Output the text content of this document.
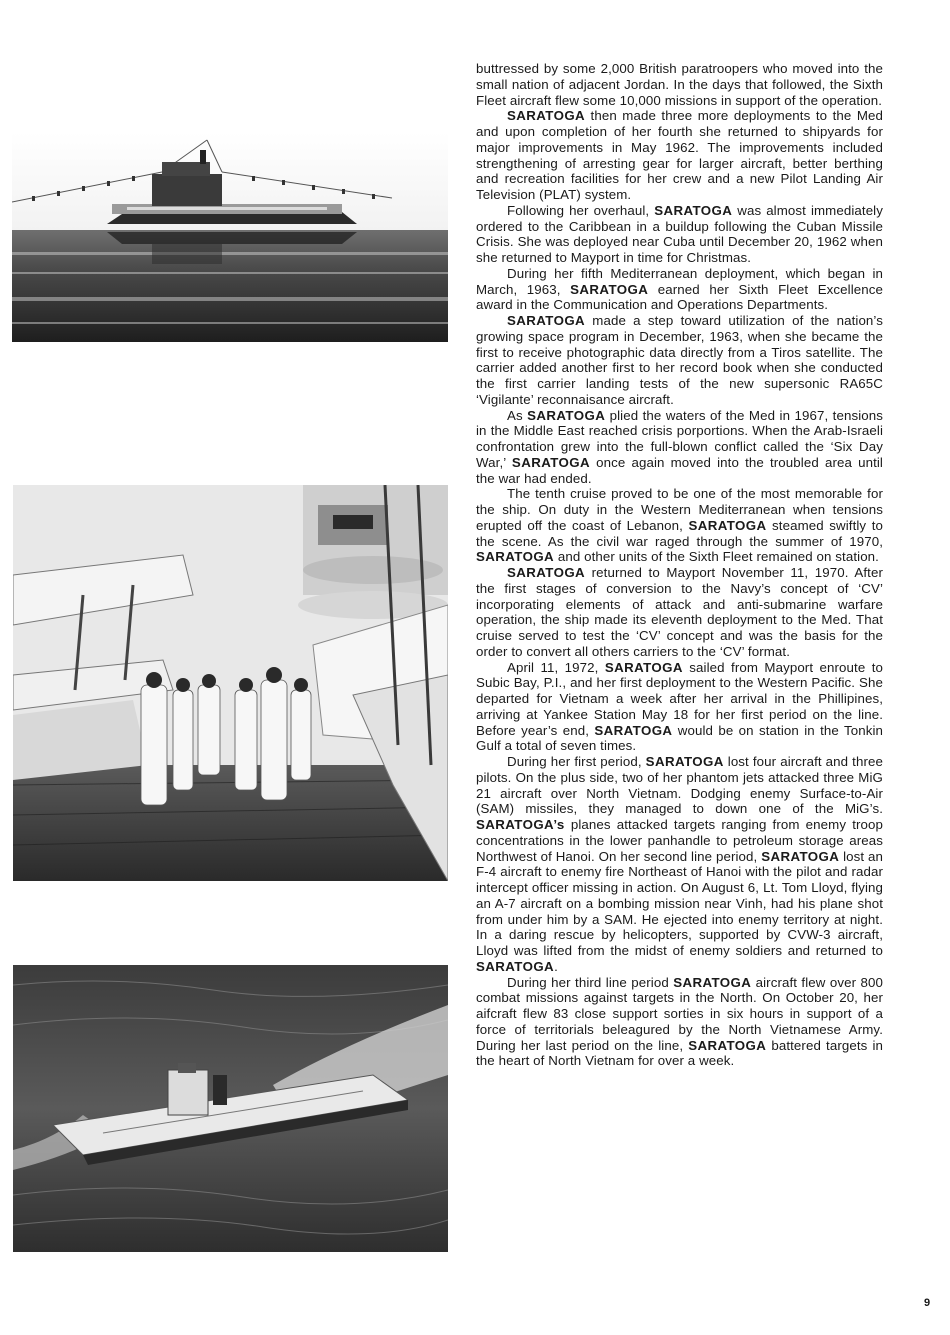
buttressed by some 2,000 British paratroopers who moved into the small nation of adjacent Jordan. In the days that followed, the Sixth Fleet aircraft flew some 10,000 missions in support of the operation.

SARATOGA then made three more deployments to the Med and upon completion of her fourth she returned to shipyards for major improvements in May 1962. The improvements included strengthening of arresting gear for larger aircraft, better berthing and recreation facilities for her crew and a new Pilot Landing Air Television (PLAT) system.

Following her overhaul, SARATOGA was almost immediately ordered to the Caribbean in a buildup following the Cuban Missile Crisis. She was deployed near Cuba until December 20, 1962 when she returned to Mayport in time for Christmas.

During her fifth Mediterranean deployment, which began in March, 1963, SARATOGA earned her Sixth Fleet Excellence award in the Communication and Operations Departments.

SARATOGA made a step toward utilization of the nation’s growing space program in December, 1963, when she became the first to receive photographic data directly from a Tiros satellite. The carrier added another first to her record book when she conducted the first carrier landing tests of the new supersonic RA65C ‘Vigilante’ reconnaisance aircraft.

As SARATOGA plied the waters of the Med in 1967, tensions in the Middle East reached crisis porportions. When the Arab-Israeli confrontation grew into the full-blown conflict called the ‘Six Day War,’ SARATOGA once again moved into the troubled area until the war had ended.

The tenth cruise proved to be one of the most memorable for the ship. On duty in the Western Mediterranean when tensions erupted off the coast of Lebanon, SARATOGA steamed swiftly to the scene. As the civil war raged through the summer of 1970, SARATOGA and other units of the Sixth Fleet remained on station.

SARATOGA returned to Mayport November 11, 1970. After the first stages of conversion to the Navy’s concept of ‘CV’ incorporating elements of attack and anti-submarine warfare operation, the ship made its eleventh deployment to the Med. That cruise served to test the ‘CV’ concept and was the basis for the order to convert all others carriers to the ‘CV’ format.

April 11, 1972, SARATOGA sailed from Mayport enroute to Subic Bay, P.I., and her first deployment to the Western Pacific. She departed for Vietnam a week after her arrival in the Phillipines, arriving at Yankee Station May 18 for her first period on the line. Before year’s end, SARATOGA would be on station in the Tonkin Gulf a total of seven times.

During her first period, SARATOGA lost four aircraft and three pilots. On the plus side, two of her phantom jets attacked three MiG 21 aircraft over North Vietnam. Dodging enemy Surface-to-Air (SAM) missiles, they managed to down one of the MiG’s. SARATOGA’s planes attacked targets ranging from enemy troop concentrations in the lower panhandle to petroleum storage areas Northwest of Hanoi. On her second line period, SARATOGA lost an F-4 aircraft to enemy fire Northeast of Hanoi with the pilot and radar intercept officer missing in action. On August 6, Lt. Tom Lloyd, flying an A-7 aircraft on a bombing mission near Vinh, had his plane shot from under him by a SAM. He ejected into enemy territory at night. In a daring rescue by helicopters, supported by CVW-3 aircraft, Lloyd was lifted from the midst of enemy soldiers and returned to SARATOGA.

During her third line period SARATOGA aircraft flew over 800 combat missions against targets in the North. On October 20, her aifcraft flew 83 close support sorties in six hours in support of a force of territorials beleagured by the North Vietnamese Army. During her last period on the line, SARATOGA battered targets in the heart of North Vietnam for over a week.

9
